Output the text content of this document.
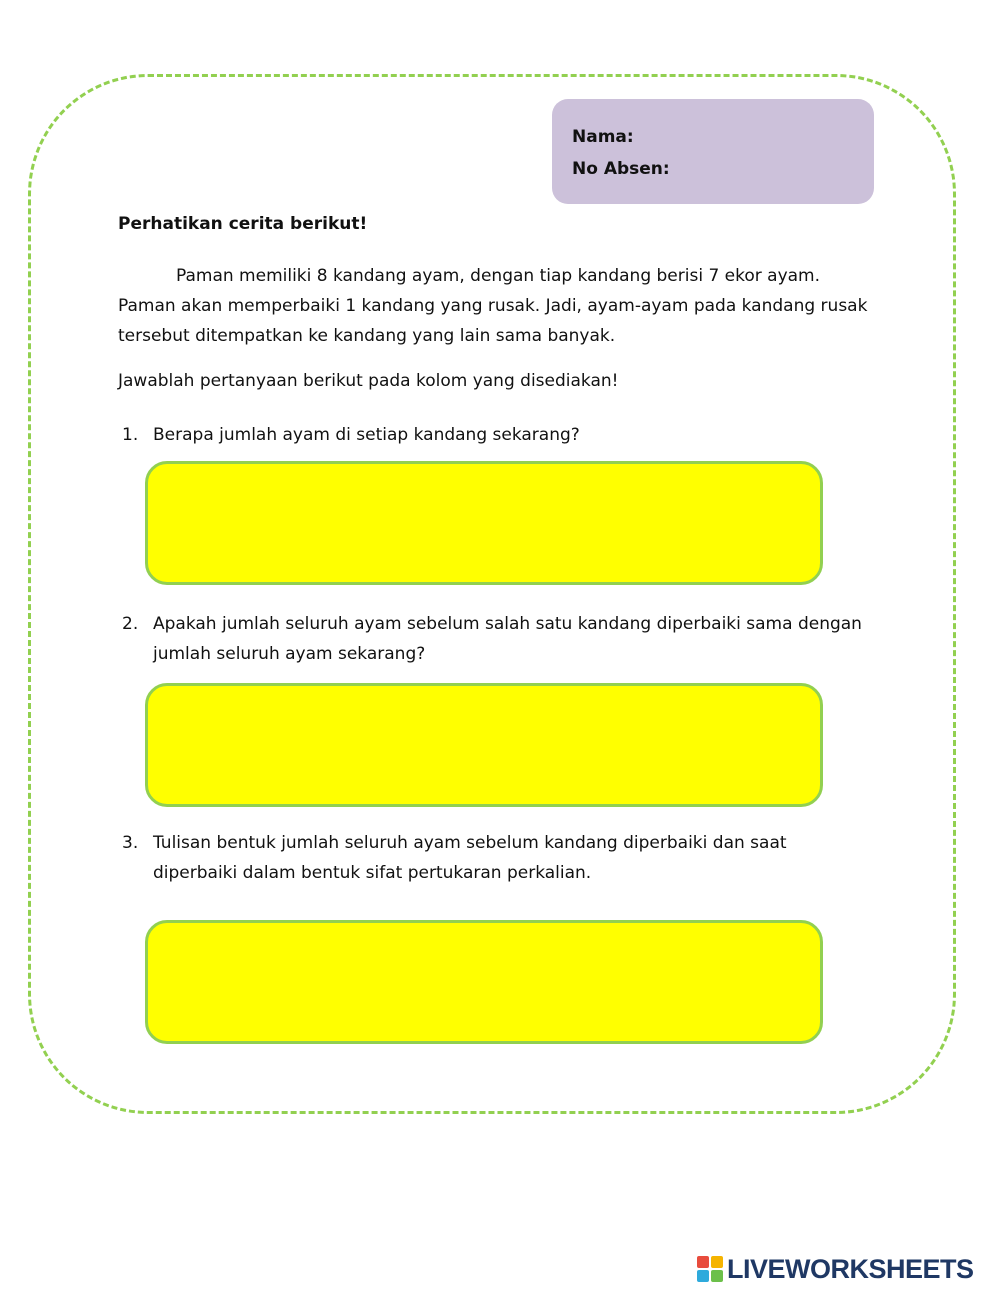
Nama:
No Absen:
Perhatikan cerita berikut!
Paman memiliki 8 kandang ayam, dengan tiap kandang berisi 7 ekor ayam.
Paman akan memperbaiki 1 kandang yang rusak. Jadi, ayam-ayam pada kandang rusak
tersebut ditempatkan ke kandang yang lain sama banyak.
Jawablah pertanyaan berikut pada kolom yang disediakan!
1. Berapa jumlah ayam di setiap kandang sekarang?
2. Apakah jumlah seluruh ayam sebelum salah satu kandang diperbaiki sama dengan
jumlah seluruh ayam sekarang?
3. Tulisan bentuk jumlah seluruh ayam sebelum kandang diperbaiki dan saat
diperbaiki dalam bentuk sifat pertukaran perkalian.
LIVEWORKSHEETS
